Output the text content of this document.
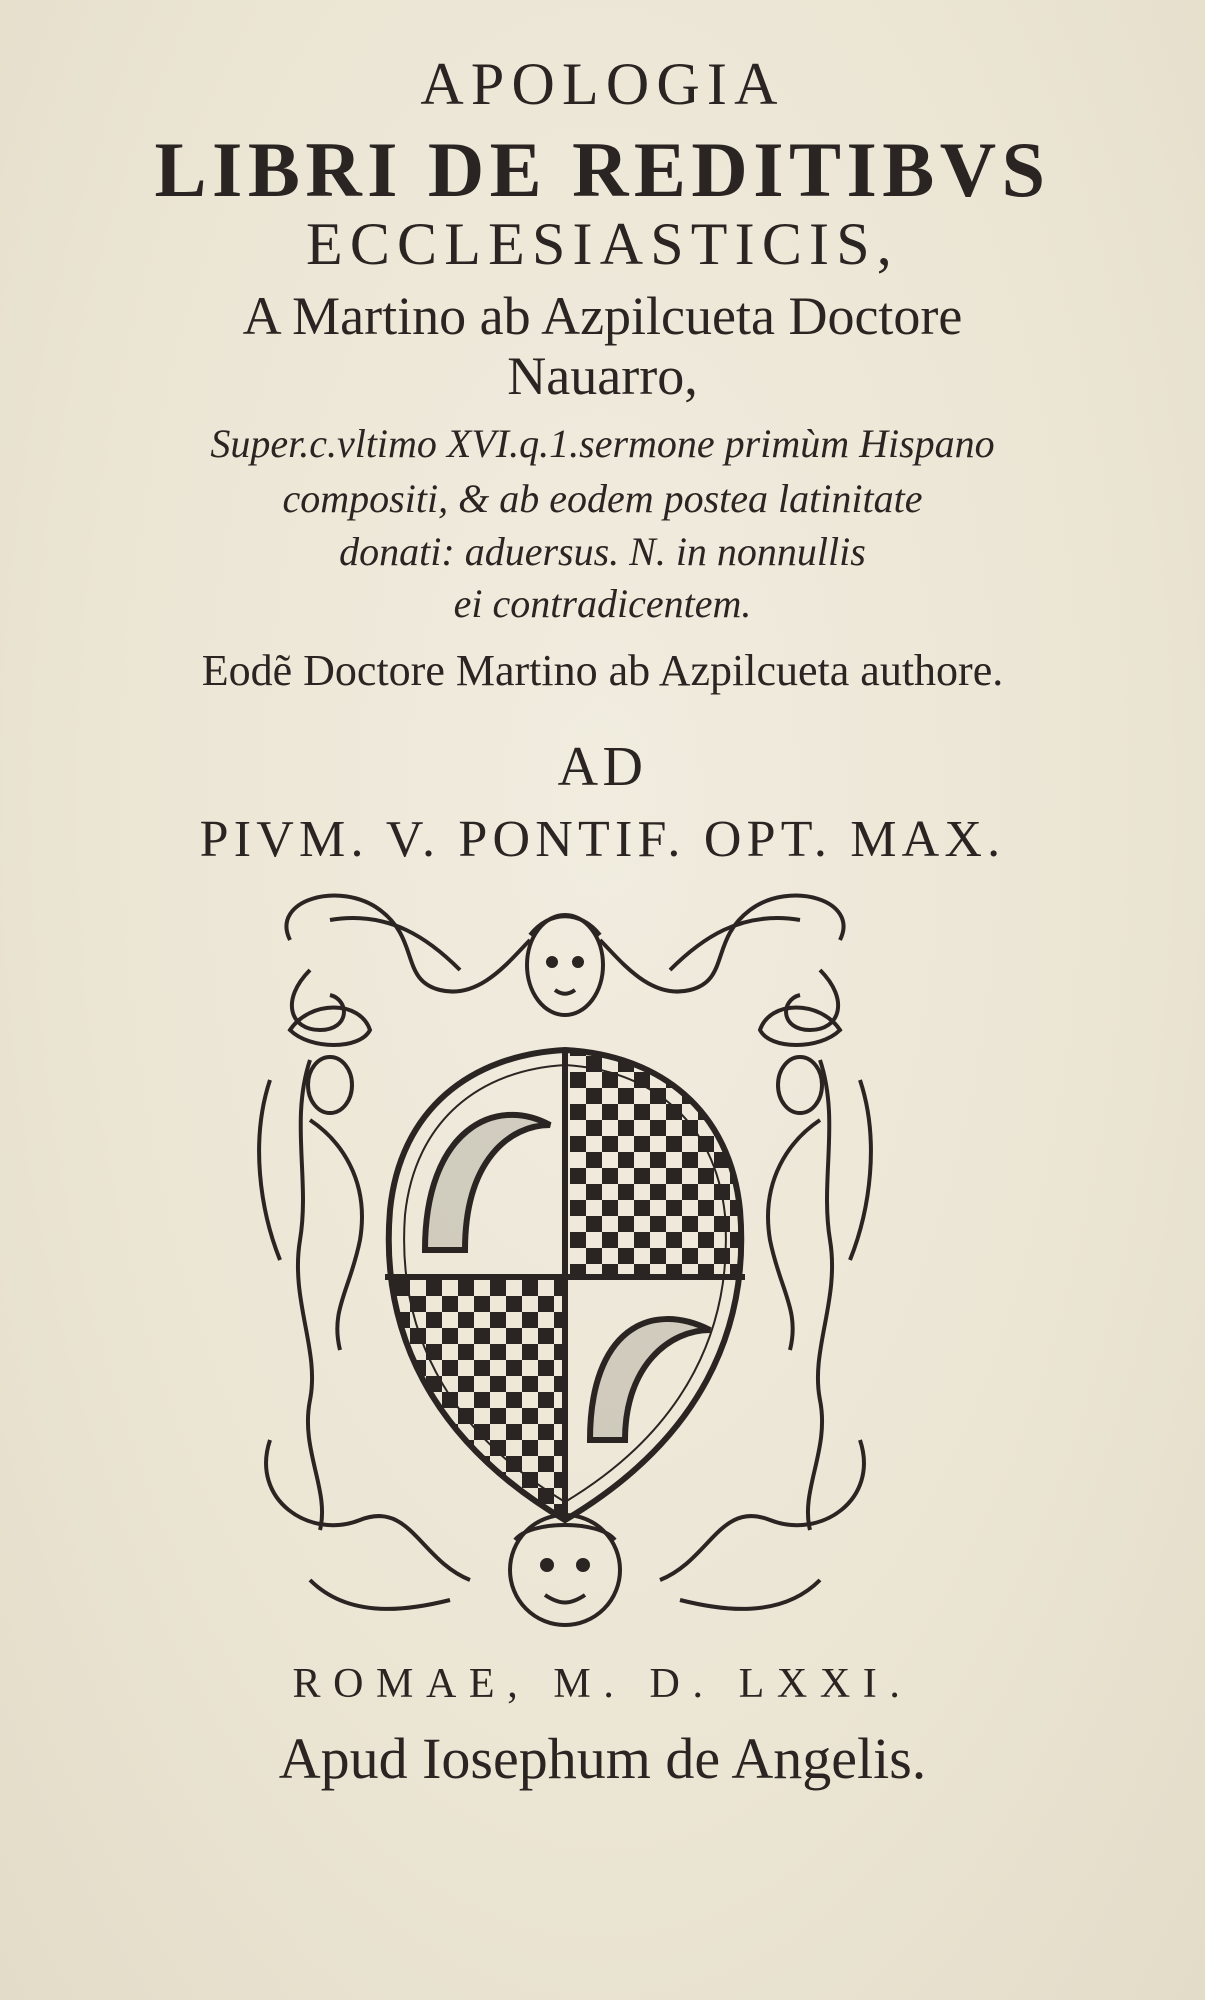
APOLOGIA
LIBRI DE REDITIBVS
ECCLESIASTICIS,
A Martino ab Azpilcueta Doctore
Nauarro,
Super.c.vltimo XVI.q.1.sermone primùm Hispano
compositi, & ab eodem postea latinitate
donati: aduersus. N. in nonnullis
ei contradicentem.
Eodẽ Doctore Martino ab Azpilcueta authore.
AD
PIVM. V. PONTIF. OPT. MAX.
ROMAE, M. D. LXXI.
Apud Iosephum de Angelis.
